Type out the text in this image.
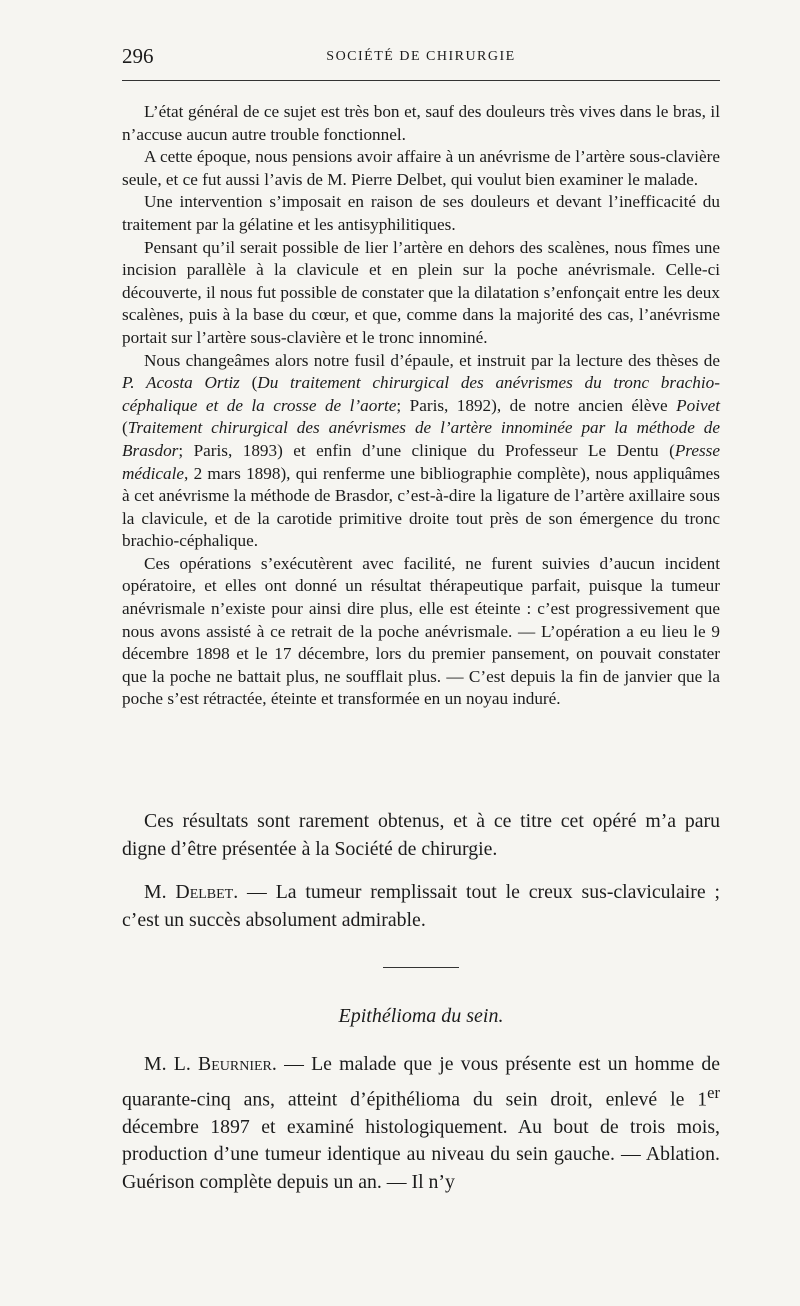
296	SOCIÉTÉ DE CHIRURGIE

L’état général de ce sujet est très bon et, sauf des douleurs très vives dans le bras, il n’accuse aucun autre trouble fonctionnel.

A cette époque, nous pensions avoir affaire à un anévrisme de l’artère sous-clavière seule, et ce fut aussi l’avis de M. Pierre Delbet, qui voulut bien examiner le malade.

Une intervention s’imposait en raison de ses douleurs et devant l’inefficacité du traitement par la gélatine et les antisyphilitiques.

Pensant qu’il serait possible de lier l’artère en dehors des scalènes, nous fîmes une incision parallèle à la clavicule et en plein sur la poche anévrismale. Celle-ci découverte, il nous fut possible de constater que la dilatation s’enfonçait entre les deux scalènes, puis à la base du cœur, et que, comme dans la majorité des cas, l’anévrisme portait sur l’artère sous-clavière et le tronc innominé.

Nous changeâmes alors notre fusil d’épaule, et instruit par la lecture des thèses de P. Acosta Ortiz (Du traitement chirurgical des anévrismes du tronc brachio-céphalique et de la crosse de l’aorte; Paris, 1892), de notre ancien élève Poivet (Traitement chirurgical des anévrismes de l’artère innominée par la méthode de Brasdor; Paris, 1893) et enfin d’une clinique du Professeur Le Dentu (Presse médicale, 2 mars 1898), qui renferme une bibliographie complète), nous appliquâmes à cet anévrisme la méthode de Brasdor, c’est-à-dire la ligature de l’artère axillaire sous la clavicule, et de la carotide primitive droite tout près de son émergence du tronc brachio-céphalique.

Ces opérations s’exécutèrent avec facilité, ne furent suivies d’aucun incident opératoire, et elles ont donné un résultat thérapeutique parfait, puisque la tumeur anévrismale n’existe pour ainsi dire plus, elle est éteinte : c’est progressivement que nous avons assisté à ce retrait de la poche anévrismale. — L’opération a eu lieu le 9 décembre 1898 et le 17 décembre, lors du premier pansement, on pouvait constater que la poche ne battait plus, ne soufflait plus. — C’est depuis la fin de janvier que la poche s’est rétractée, éteinte et transformée en un noyau induré.

Ces résultats sont rarement obtenus, et à ce titre cet opéré m’a paru digne d’être présentée à la Société de chirurgie.

M. Delbet. — La tumeur remplissait tout le creux sus-claviculaire ; c’est un succès absolument admirable.

Epithélioma du sein.

M. L. Beurnier. — Le malade que je vous présente est un homme de quarante-cinq ans, atteint d’épithélioma du sein droit, enlevé le 1er décembre 1897 et examiné histologiquement. Au bout de trois mois, production d’une tumeur identique au niveau du sein gauche. — Ablation. Guérison complète depuis un an. — Il n’y
